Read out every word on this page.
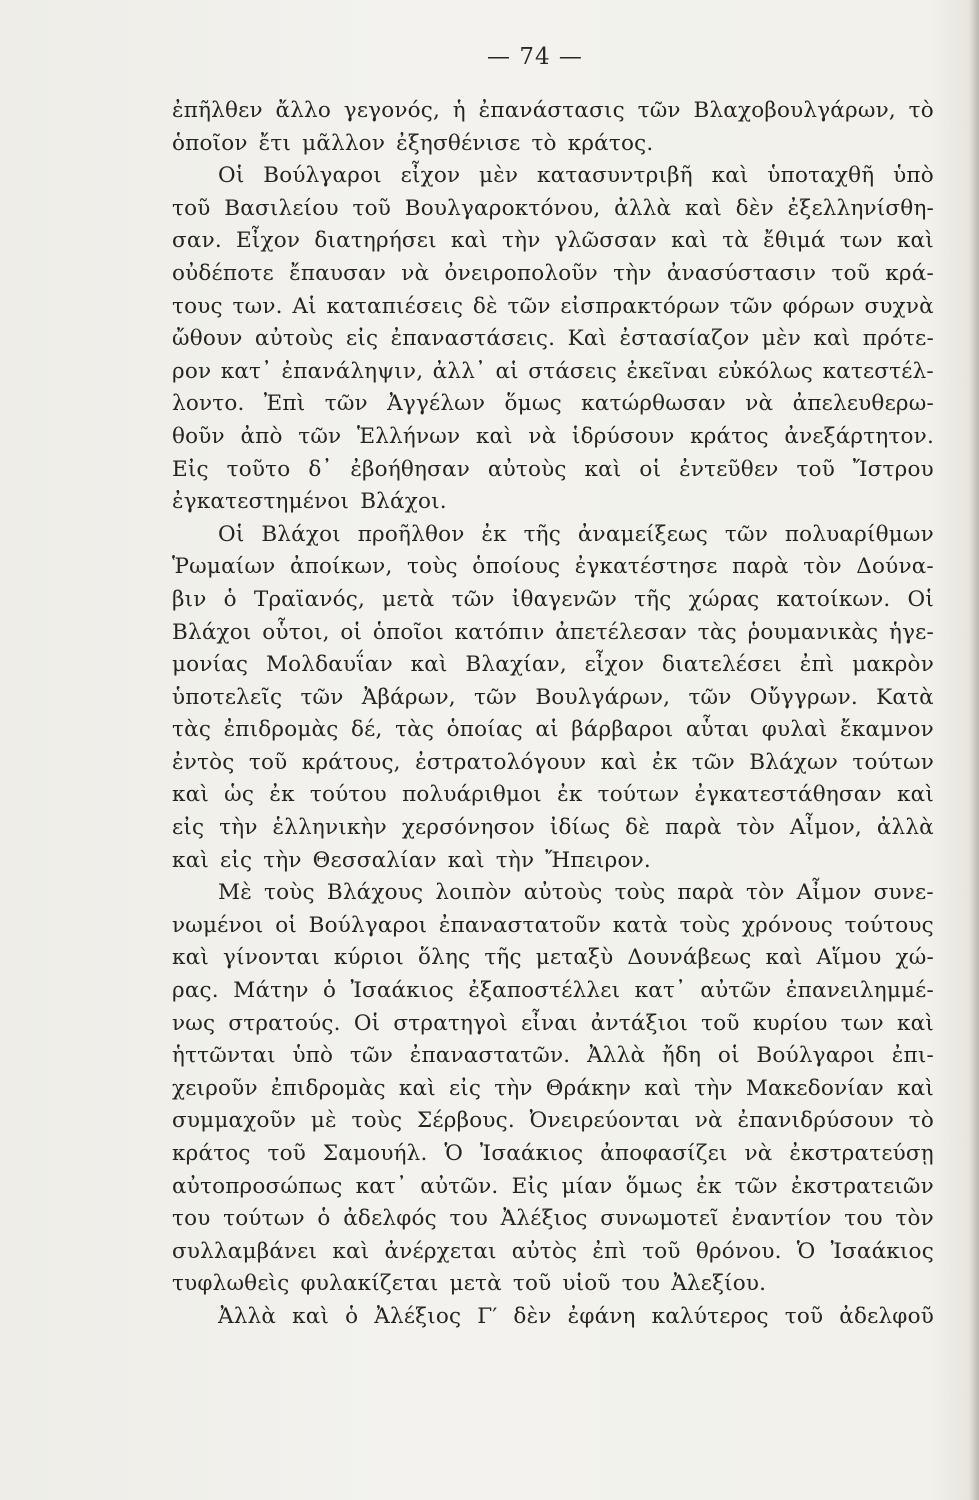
— 74 —
ἐπῆλθεν ἄλλο γεγονός, ἡ ἐπανάστασις τῶν Βλαχοβουλγάρων, τὸ
ὁποῖον ἔτι μᾶλλον ἐξησθένισε τὸ κράτος.
Οἱ Βούλγαροι εἶχον μὲν κατασυντριβῆ καὶ ὑποταχθῆ ὑπὸ
τοῦ Βασιλείου τοῦ Βουλγαροκτόνου, ἀλλὰ καὶ δὲν ἐξελληνίσθη-
σαν. Εἶχον διατηρήσει καὶ τὴν γλῶσσαν καὶ τὰ ἔθιμά των καὶ
οὐδέποτε ἔπαυσαν νὰ ὀνειροπολοῦν τὴν ἀνασύστασιν τοῦ κρά-
τους των. Αἱ καταπιέσεις δὲ τῶν εἰσπρακτόρων τῶν φόρων συχνὰ
ὤθουν αὐτοὺς εἰς ἐπαναστάσεις. Καὶ ἐστασίαζον μὲν καὶ πρότε-
ρον κατ᾿ ἐπανάληψιν, ἀλλ᾿ αἱ στάσεις ἐκεῖναι εὐκόλως κατεστέλ-
λοντο. Ἐπὶ τῶν Ἀγγέλων ὅμως κατώρθωσαν νὰ ἀπελευθερω-
θοῦν ἀπὸ τῶν Ἑλλήνων καὶ νὰ ἱδρύσουν κράτος ἀνεξάρτητον.
Εἰς τοῦτο δ᾿ ἐβοήθησαν αὐτοὺς καὶ οἱ ἐντεῦθεν τοῦ Ἴστρου
ἐγκατεστημένοι Βλάχοι.
Οἱ Βλάχοι προῆλθον ἐκ τῆς ἀναμείξεως τῶν πολυαρίθμων
Ῥωμαίων ἀποίκων, τοὺς ὁποίους ἐγκατέστησε παρὰ τὸν Δούνα-
βιν ὁ Τραϊανός, μετὰ τῶν ἰθαγενῶν τῆς χώρας κατοίκων. Οἱ
Βλάχοι οὗτοι, οἱ ὁποῖοι κατόπιν ἀπετέλεσαν τὰς ῥουμανικὰς ἡγε-
μονίας Μολδαυΐαν καὶ Βλαχίαν, εἶχον διατελέσει ἐπὶ μακρὸν
ὑποτελεῖς τῶν Ἀβάρων, τῶν Βουλγάρων, τῶν Οὔγγρων. Κατὰ
τὰς ἐπιδρομὰς δέ, τὰς ὁποίας αἱ βάρβαροι αὗται φυλαὶ ἔκαμνον
ἐντὸς τοῦ κράτους, ἐστρατολόγουν καὶ ἐκ τῶν Βλάχων τούτων
καὶ ὡς ἐκ τούτου πολυάριθμοι ἐκ τούτων ἐγκατεστάθησαν καὶ
εἰς τὴν ἑλληνικὴν χερσόνησον ἰδίως δὲ παρὰ τὸν Αἶμον, ἀλλὰ
καὶ εἰς τὴν Θεσσαλίαν καὶ τὴν Ἤπειρον.
Μὲ τοὺς Βλάχους λοιπὸν αὐτοὺς τοὺς παρὰ τὸν Αἶμον συνε-
νωμένοι οἱ Βούλγαροι ἐπαναστατοῦν κατὰ τοὺς χρόνους τούτους
καὶ γίνονται κύριοι ὅλης τῆς μεταξὺ Δουνάβεως καὶ Αἵμου χώ-
ρας. Μάτην ὁ Ἰσαάκιος ἐξαποστέλλει κατ᾿ αὐτῶν ἐπανειλημμέ-
νως στρατούς. Οἱ στρατηγοὶ εἶναι ἀντάξιοι τοῦ κυρίου των καὶ
ἡττῶνται ὑπὸ τῶν ἐπαναστατῶν. Ἀλλὰ ἤδη οἱ Βούλγαροι ἐπι-
χειροῦν ἐπιδρομὰς καὶ εἰς τὴν Θράκην καὶ τὴν Μακεδονίαν καὶ
συμμαχοῦν μὲ τοὺς Σέρβους. Ὀνειρεύονται νὰ ἐπανιδρύσουν τὸ
κράτος τοῦ Σαμουήλ. Ὁ Ἰσαάκιος ἀποφασίζει νὰ ἐκστρατεύσῃ
αὐτοπροσώπως κατ᾿ αὐτῶν. Εἰς μίαν ὅμως ἐκ τῶν ἐκστρατειῶν
του τούτων ὁ ἀδελφός του Ἀλέξιος συνωμοτεῖ ἐναντίον του τὸν
συλλαμβάνει καὶ ἀνέρχεται αὐτὸς ἐπὶ τοῦ θρόνου. Ὁ Ἰσαάκιος
τυφλωθεὶς φυλακίζεται μετὰ τοῦ υἱοῦ του Ἀλεξίου.
Ἀλλὰ καὶ ὁ Ἀλέξιος Γ′ δὲν ἐφάνη καλύτερος τοῦ ἀδελφοῦ
